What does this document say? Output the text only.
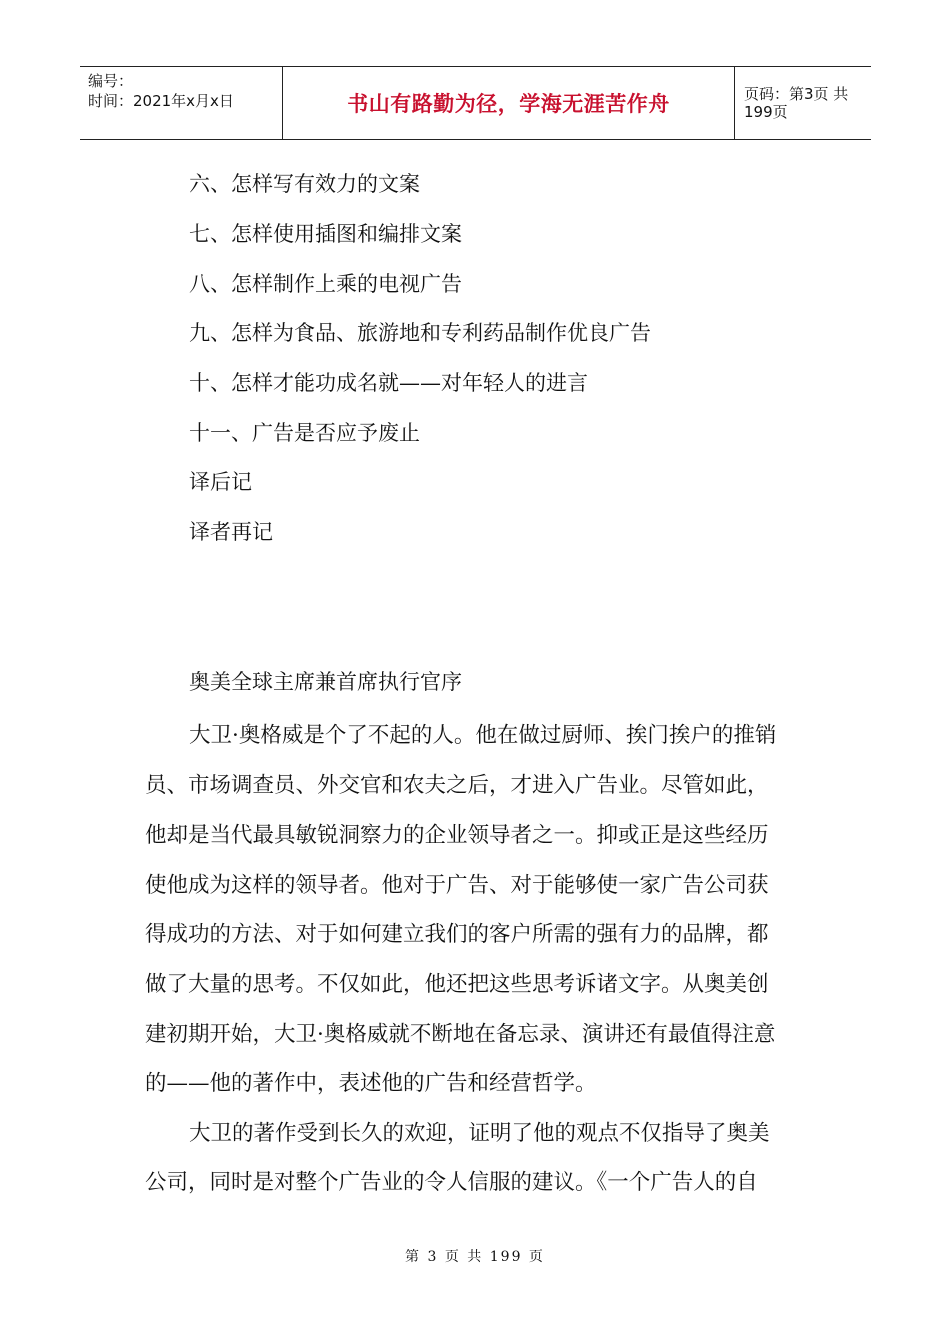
编号：
时间：2021年x月x日	书山有路勤为径，学海无涯苦作舟	页码：第3页 共199页
六、怎样写有效力的文案
七、怎样使用插图和编排文案
八、怎样制作上乘的电视广告
九、怎样为食品、旅游地和专利药品制作优良广告
十、怎样才能功成名就——对年轻人的进言
十一、广告是否应予废止
译后记
译者再记
奥美全球主席兼首席执行官序
大卫·奥格威是个了不起的人。他在做过厨师、挨门挨户的推销
员、市场调查员、外交官和农夫之后，才进入广告业。尽管如此，
他却是当代最具敏锐洞察力的企业领导者之一。抑或正是这些经历
使他成为这样的领导者。他对于广告、对于能够使一家广告公司获
得成功的方法、对于如何建立我们的客户所需的强有力的品牌，都
做了大量的思考。不仅如此，他还把这些思考诉诸文字。从奥美创
建初期开始，大卫·奥格威就不断地在备忘录、演讲还有最值得注意
的——他的著作中，表述他的广告和经营哲学。
大卫的著作受到长久的欢迎，证明了他的观点不仅指导了奥美
公司，同时是对整个广告业的令人信服的建议。《一个广告人的自
第 3 页 共 199 页
